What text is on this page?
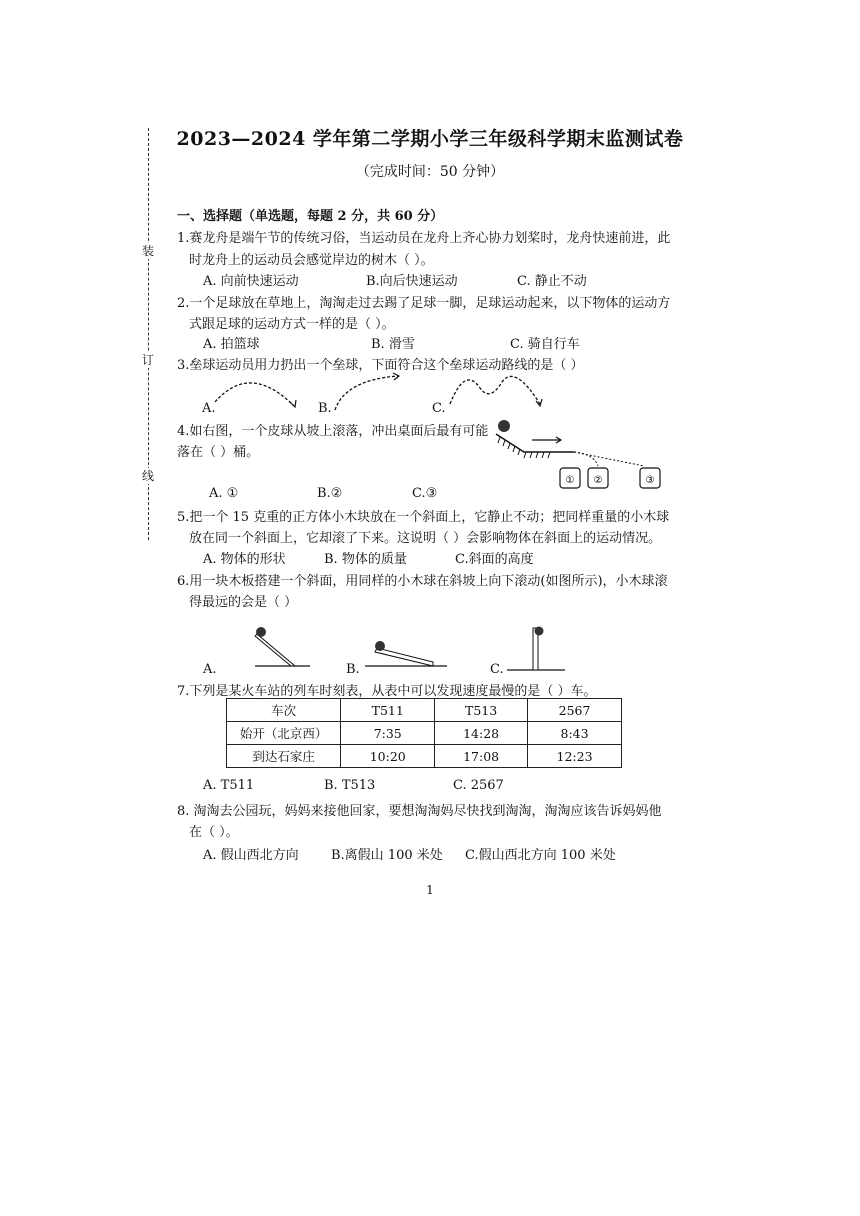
装
订
线
2023—2024 学年第二学期小学三年级科学期末监测试卷
（完成时间：50 分钟）
一、选择题（单选题，每题 2 分，共 60 分）
1.赛龙舟是端午节的传统习俗，当运动员在龙舟上齐心协力划桨时，龙舟快速前进，此
时龙舟上的运动员会感觉岸边的树木（ ）。
A. 向前快速运动	B.向后快速运动	C. 静止不动
2.一个足球放在草地上，淘淘走过去踢了足球一脚，足球运动起来，以下物体的运动方
式跟足球的运动方式一样的是（ ）。
A. 拍篮球	B. 滑雪	C. 骑自行车
3.垒球运动员用力扔出一个垒球，下面符合这个垒球运动路线的是（ ）
A.	B.	C.
4.如右图，一个皮球从坡上滚落，冲出桌面后最有可能
落在（ ）桶。
A. ①	B.②	C.③
① ②	③
5.把一个 15 克重的正方体小木块放在一个斜面上，它静止不动；把同样重量的小木球
放在同一个斜面上，它却滚了下来。这说明（ ）会影响物体在斜面上的运动情况。
A. 物体的形状	B. 物体的质量	C.斜面的高度
6.用一块木板搭建一个斜面，用同样的小木球在斜坡上向下滚动(如图所示)，小木球滚
得最远的会是（ ）
A.	B.	C.
7.下列是某火车站的列车时刻表，从表中可以发现速度最慢的是（ ）车。
车次	T511	T513	2567
始开（北京西）	7:35	14:28	8:43
到达石家庄	10:20	17:08	12:23
A. T511	B. T513	C. 2567
8. 淘淘去公园玩，妈妈来接他回家，要想淘淘妈尽快找到淘淘，淘淘应该告诉妈妈他
在（ ）。
A. 假山西北方向 B.离假山 100 米处 C.假山西北方向 100 米处
1
